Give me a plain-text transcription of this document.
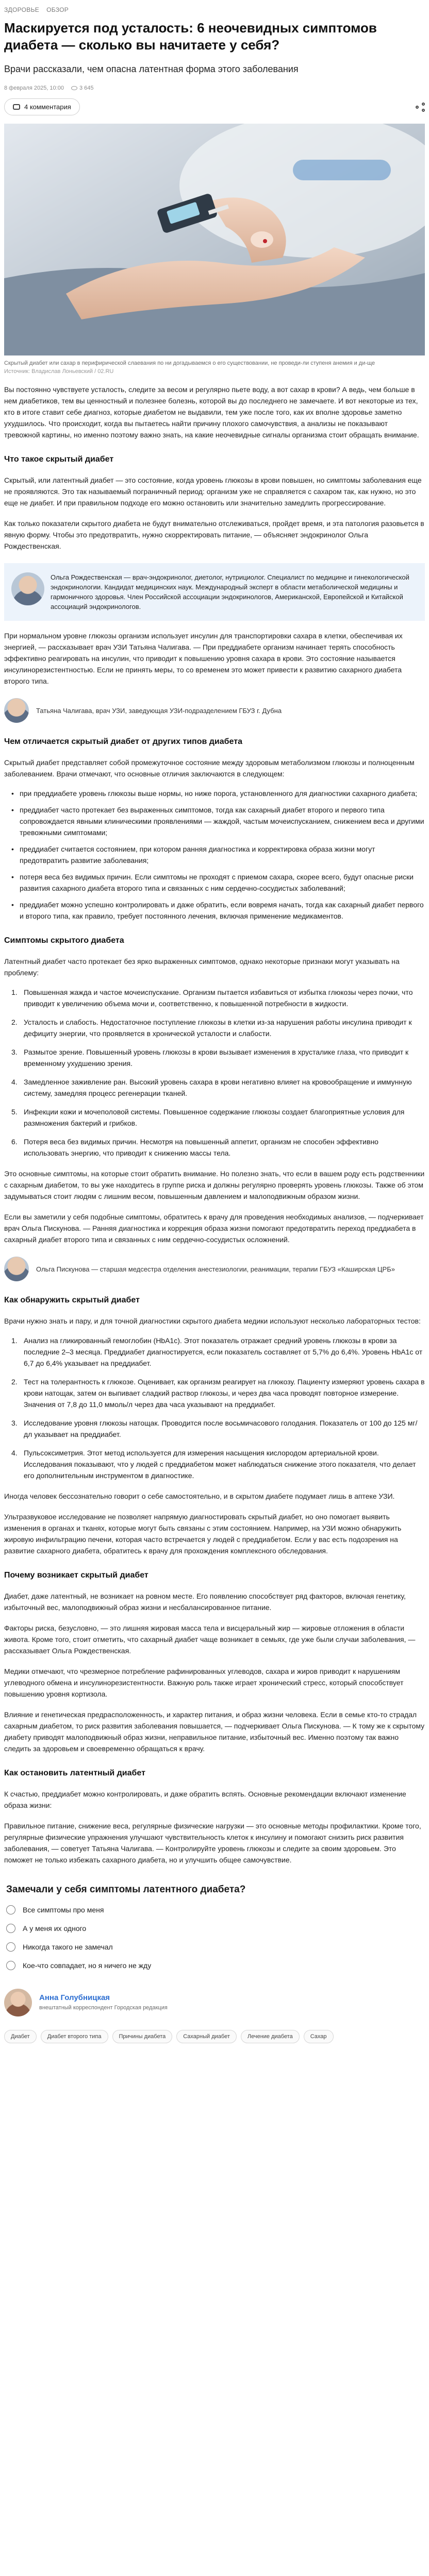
ЗДОРОВЬЕ ОБЗОР
Маскируется под усталость: 6 неочевидных симптомов диабета — сколько вы начитаете у себя?
Врачи рассказали, чем опасна латентная форма этого заболевания
8 февраля 2025, 10:00	3 645
4 комментария
Скрытый диабет или сахар в перифирической слаевания по ни догадываемся о его существовании, не проведи-ли ступеня анемия и ди-ще
Источник: Владислав Лоньевский / 02.RU

Вы постоянно чувствуете усталость, следите за весом и регулярно пьете воду, а вот сахар в крови? А ведь, чем больше в нем диабетиков, тем вы ценностный и полезнее болезнь, которой вы до последнего не замечаете. И вот некоторые из тех, кто в итоге ставит себе диагноз, которые диабетом не выдавили, тем уже после того, как их вполне здоровье заметно ухудшилось. Что происходит, когда вы пытаетесь найти причину плохого самочувствия, а анализы не показывают тревожной картины, но именно поэтому важно знать, на какие неочевидные сигналы организма стоит обращать внимание.

Что такое скрытый диабет

Скрытый, или латентный диабет — это состояние, когда уровень глюкозы в крови повышен, но симптомы заболевания еще не проявляются. Это так называемый пограничный период: организм уже не справляется с сахаром так, как нужно, но это еще не диабет. И при правильном подходе его можно остановить или значительно замедлить прогрессирование.

Как только показатели скрытого диабета не будут внимательно отслеживаться, пройдет время, и эта патология разовьется в явную форму. Чтобы это предотвратить, нужно скорректировать питание, — объясняет эндокринолог Ольга Рождественская.

Ольга Рождественская — врач-эндокринолог, диетолог, нутрициолог. Специалист по медицине и гинекологической эндокринологии. Кандидат медицинских наук. Международный эксперт в области метаболической медицины и гармоничного здоровья. Член Российской ассоциации эндокринологов, Американской, Европейской и Китайской ассоциаций эндокринологов.

При нормальном уровне глюкозы организм использует инсулин для транспортировки сахара в клетки, обеспечивая их энергией, — рассказывает врач УЗИ Татьяна Чалигава. — При преддиабете организм начинает терять способность эффективно реагировать на инсулин, что приводит к повышению уровня сахара в крови. Это состояние называется инсулинорезистентностью. Если не принять меры, то со временем это может привести к развитию сахарного диабета второго типа.

Татьяна Чалигава, врач УЗИ, заведующая УЗИ-подразделением ГБУЗ г. Дубна
Чем отличается скрытый диабет от других типов диабета

Скрытый диабет представляет собой промежуточное состояние между здоровым метаболизмом глюкозы и полноценным заболеванием. Врачи отмечают, что основные отличия заключаются в следующем:

• при преддиабете уровень глюкозы выше нормы, но ниже порога, установленного для диагностики сахарного диабета;
• преддиабет часто протекает без выраженных симптомов, тогда как сахарный диабет второго и первого типа сопровождается явными клиническими проявлениями — жаждой, частым мочеиспусканием, снижением веса и другими тревожными симптомами;
• преддиабет считается состоянием, при котором ранняя диагностика и корректировка образа жизни могут предотвратить развитие заболевания;
• потеря веса без видимых причин. Если симптомы не проходят с приемом сахара, скорее всего, будут опасные риски развития сахарного диабета второго типа и связанных с ним сердечно-сосудистых заболеваний;
• преддиабет можно успешно контролировать и даже обратить, если вовремя начать, тогда как сахарный диабет первого и второго типа, как правило, требует постоянного лечения, включая применение медикаментов.
Симптомы скрытого диабета

Латентный диабет часто протекает без ярко выраженных симптомов, однако некоторые признаки могут указывать на проблему:

1. Повышенная жажда и частое мочеиспускание. Организм пытается избавиться от избытка глюкозы через почки, что приводит к увеличению объема мочи и, соответственно, к повышенной потребности в жидкости.
2. Усталость и слабость. Недостаточное поступление глюкозы в клетки из-за нарушения работы инсулина приводит к дефициту энергии, что проявляется в хронической усталости и слабости.
3. Размытое зрение. Повышенный уровень глюкозы в крови вызывает изменения в хрусталике глаза, что приводит к временному ухудшению зрения.
4. Замедленное заживление ран. Высокий уровень сахара в крови негативно влияет на кровообращение и иммунную систему, замедляя процесс регенерации тканей.
5. Инфекции кожи и мочеполовой системы. Повышенное содержание глюкозы создает благоприятные условия для размножения бактерий и грибков.
6. Потеря веса без видимых причин. Несмотря на повышенный аппетит, организм не способен эффективно использовать энергию, что приводит к снижению массы тела.

Это основные симптомы, на которые стоит обратить внимание. Но полезно знать, что если в вашем роду есть родственники с сахарным диабетом, то вы уже находитесь в группе риска и должны регулярно проверять уровень глюкозы. Также об этом задумываться стоит людям с лишним весом, повышенным давлением и малоподвижным образом жизни.

Если вы заметили у себя подобные симптомы, обратитесь к врачу для проведения необходимых анализов, — подчеркивает врач Ольга Пискунова. — Ранняя диагностика и коррекция образа жизни помогают предотвратить переход преддиабета в сахарный диабет второго типа и связанных с ним сердечно-сосудистых осложнений.

Ольга Пискунова — старшая медсестра отделения анестезиологии, реанимации, терапии ГБУЗ «Каширская ЦРБ»
Как обнаружить скрытый диабет

Врачи нужно знать и пару, и для точной диагностики скрытого диабета медики используют несколько лабораторных тестов:

1. Анализ на гликированный гемоглобин (HbA1c). Этот показатель отражает средний уровень глюкозы в крови за последние 2–3 месяца. Преддиабет диагностируется, если показатель составляет от 5,7% до 6,4%. Уровень HbA1c от 6,7 до 6,4% указывает на преддиабет.
2. Тест на толерантность к глюкозе. Оценивает, как организм реагирует на глюкозу. Пациенту измеряют уровень сахара в крови натощак, затем он выпивает сладкий раствор глюкозы, и через два часа проводят повторное измерение. Значения от 7,8 до 11,0 ммоль/л через два часа указывают на преддиабет.
3. Исследование уровня глюкозы натощак. Проводится после восьмичасового голодания. Показатель от 100 до 125 мг/дл указывает на преддиабет.
4. Пульсоксиметрия. Этот метод используется для измерения насыщения кислородом артериальной крови. Исследования показывают, что у людей с преддиабетом может наблюдаться снижение этого показателя, что делает его дополнительным инструментом в диагностике.

Иногда человек бессознательно говорит о себе самостоятельно, и в скрытом диабете подумает лишь в аптеке УЗИ.

Ультразвуковое исследование не позволяет напрямую диагностировать скрытый диабет, но оно помогает выявить изменения в органах и тканях, которые могут быть связаны с этим состоянием. Например, на УЗИ можно обнаружить жировую инфильтрацию печени, которая часто встречается у людей с преддиабетом. Если у вас есть подозрения на развитие сахарного диабета, обратитесь к врачу для прохождения комплексного обследования.

Почему возникает скрытый диабет

Диабет, даже латентный, не возникает на ровном месте. Его появлению способствует ряд факторов, включая генетику, избыточный вес, малоподвижный образ жизни и несбалансированное питание.

Факторы риска, безусловно, — это лишняя жировая масса тела и висцеральный жир — жировые отложения в области живота. Кроме того, стоит отметить, что сахарный диабет чаще возникает в семьях, где уже были случаи заболевания, — рассказывает Ольга Рождественская.

Медики отмечают, что чрезмерное потребление рафинированных углеводов, сахара и жиров приводит к нарушениям углеводного обмена и инсулинорезистентности. Важную роль также играет хронический стресс, который способствует повышению уровня кортизола.

Влияние и генетическая предрасположенность, и характер питания, и образ жизни человека. Если в семье кто-то страдал сахарным диабетом, то риск развития заболевания повышается, — подчеркивает Ольга Пискунова. — К тому же к скрытому диабету приводят малоподвижный образ жизни, неправильное питание, избыточный вес. Именно поэтому так важно следить за здоровьем и своевременно обращаться к врачу.

Как остановить латентный диабет

К счастью, преддиабет можно контролировать, и даже обратить вспять. Основные рекомендации включают изменение образа жизни:

Правильное питание, снижение веса, регулярные физические нагрузки — это основные методы профилактики. Кроме того, регулярные физические упражнения улучшают чувствительность клеток к инсулину и помогают снизить риск развития заболевания, — советует Татьяна Чалигава. — Контролируйте уровень глюкозы и следите за своим здоровьем. Это поможет не только избежать сахарного диабета, но и улучшить общее самочувствие.

Замечали у себя симптомы латентного диабета?
Все симптомы про меня
А у меня их одного
Никогда такого не замечал
Кое-что совпадает, но я ничего не жду
Анна Голубницкая
внештатный корреспондент Городская редакция
Диабет	Диабет второго типа	Причины диабета	Сахарный диабет	Лечение диабета	Сахар
